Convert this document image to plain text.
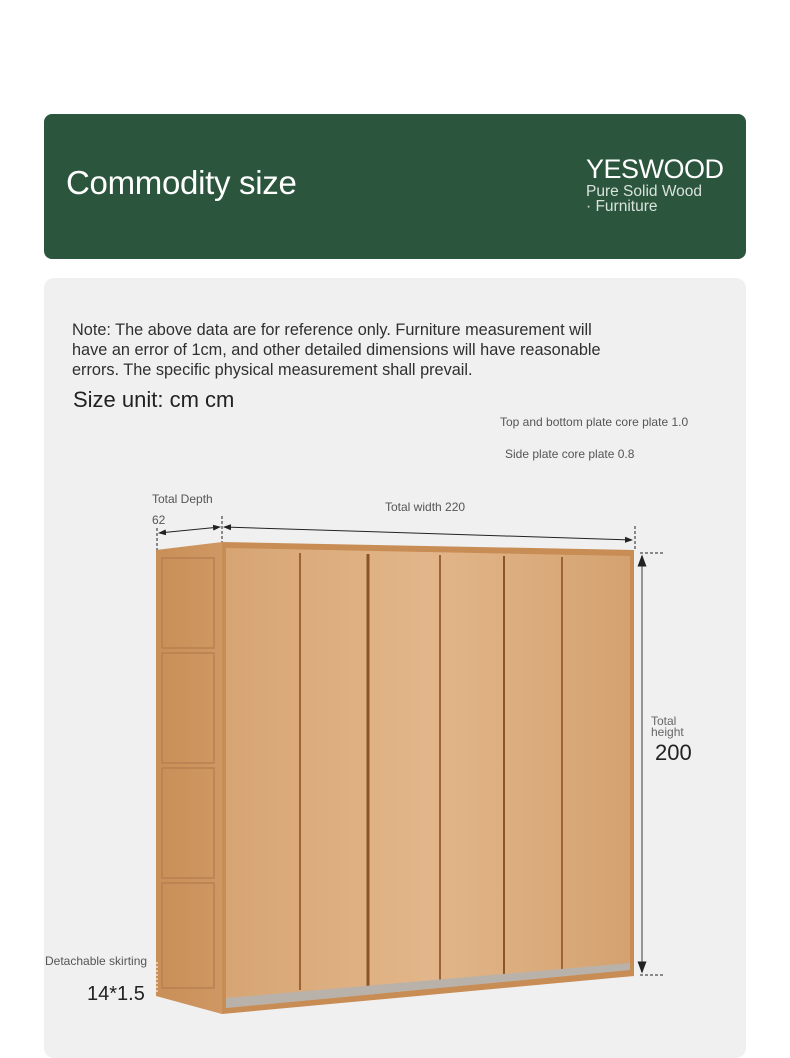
Commodity size	YESWOOD
Pure Solid Wood
· Furniture
Note: The above data are for reference only. Furniture measurement will have an error of 1cm, and other detailed dimensions will have reasonable errors. The specific physical measurement shall prevail.
Size unit: cm cm
Top and bottom plate core plate 1.0
Side plate core plate 0.8
Total Depth
62
Total width 220
Total height
200
Detachable skirting
14*1.5
